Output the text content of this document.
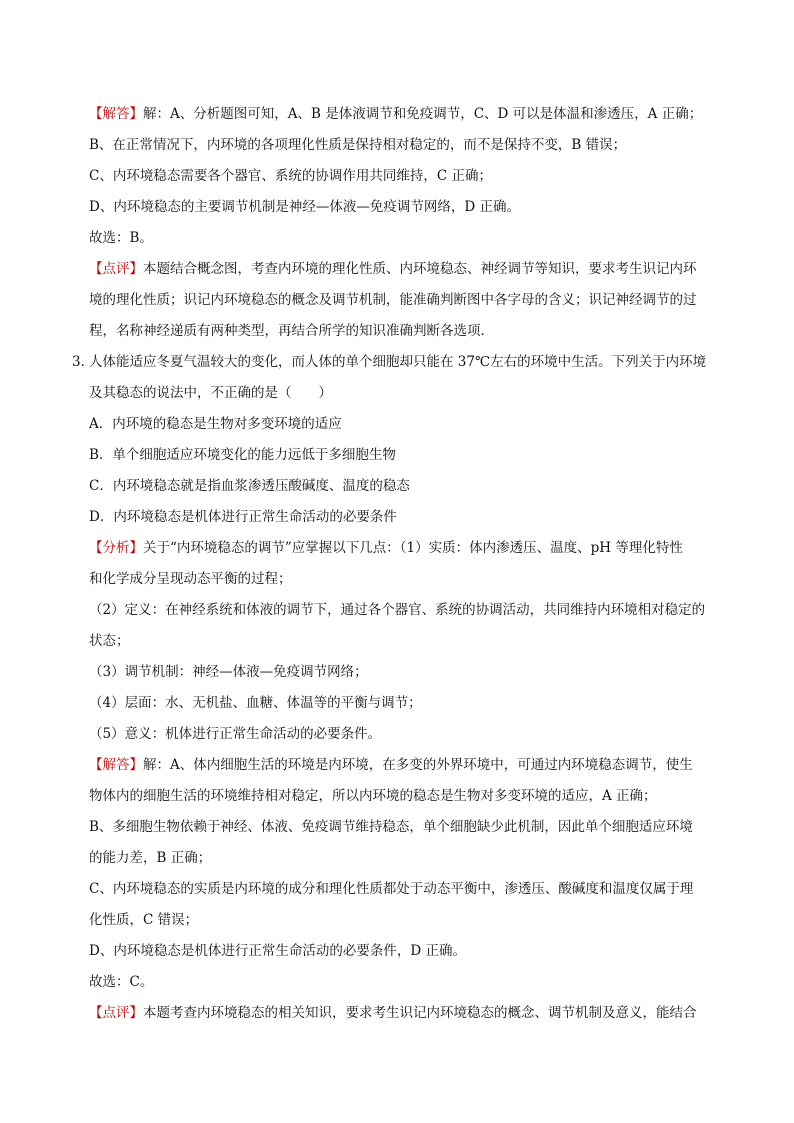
【解答】解：A、分析题图可知，A、B 是体液调节和免疫调节，C、D 可以是体温和渗透压，A 正确；
B、在正常情况下，内环境的各项理化性质是保持相对稳定的，而不是保持不变，B 错误；
C、内环境稳态需要各个器官、系统的协调作用共同维持，C 正确；
D、内环境稳态的主要调节机制是神经—体液—免疫调节网络，D 正确。
故选：B。
【点评】本题结合概念图，考查内环境的理化性质、内环境稳态、神经调节等知识，要求考生识记内环
境的理化性质；识记内环境稳态的概念及调节机制，能准确判断图中各字母的含义；识记神经调节的过
程，名称神经递质有两种类型，再结合所学的知识准确判断各选项．
3．
人体能适应冬夏气温较大的变化，而人体的单个细胞却只能在 37℃左右的环境中生活。下列关于内环境
及其稳态的说法中，不正确的是（　　）
A．内环境的稳态是生物对多变环境的适应
B．单个细胞适应环境变化的能力远低于多细胞生物
C．内环境稳态就是指血浆渗透压酸碱度、温度的稳态
D．内环境稳态是机体进行正常生命活动的必要条件
【分析】关于“内环境稳态的调节”应掌握以下几点：（1）实质：体内渗透压、温度、pH 等理化特性
和化学成分呈现动态平衡的过程；
（2）定义：在神经系统和体液的调节下，通过各个器官、系统的协调活动，共同维持内环境相对稳定的
状态；
（3）调节机制：神经—体液—免疫调节网络；
（4）层面：水、无机盐、血糖、体温等的平衡与调节；
（5）意义：机体进行正常生命活动的必要条件。
【解答】解：A、体内细胞生活的环境是内环境，在多变的外界环境中，可通过内环境稳态调节，使生
物体内的细胞生活的环境维持相对稳定，所以内环境的稳态是生物对多变环境的适应，A 正确；
B、多细胞生物依赖于神经、体液、免疫调节维持稳态，单个细胞缺少此机制，因此单个细胞适应环境
的能力差，B 正确；
C、内环境稳态的实质是内环境的成分和理化性质都处于动态平衡中，渗透压、酸碱度和温度仅属于理
化性质，C 错误；
D、内环境稳态是机体进行正常生命活动的必要条件，D 正确。
故选：C。
【点评】本题考查内环境稳态的相关知识，要求考生识记内环境稳态的概念、调节机制及意义，能结合
